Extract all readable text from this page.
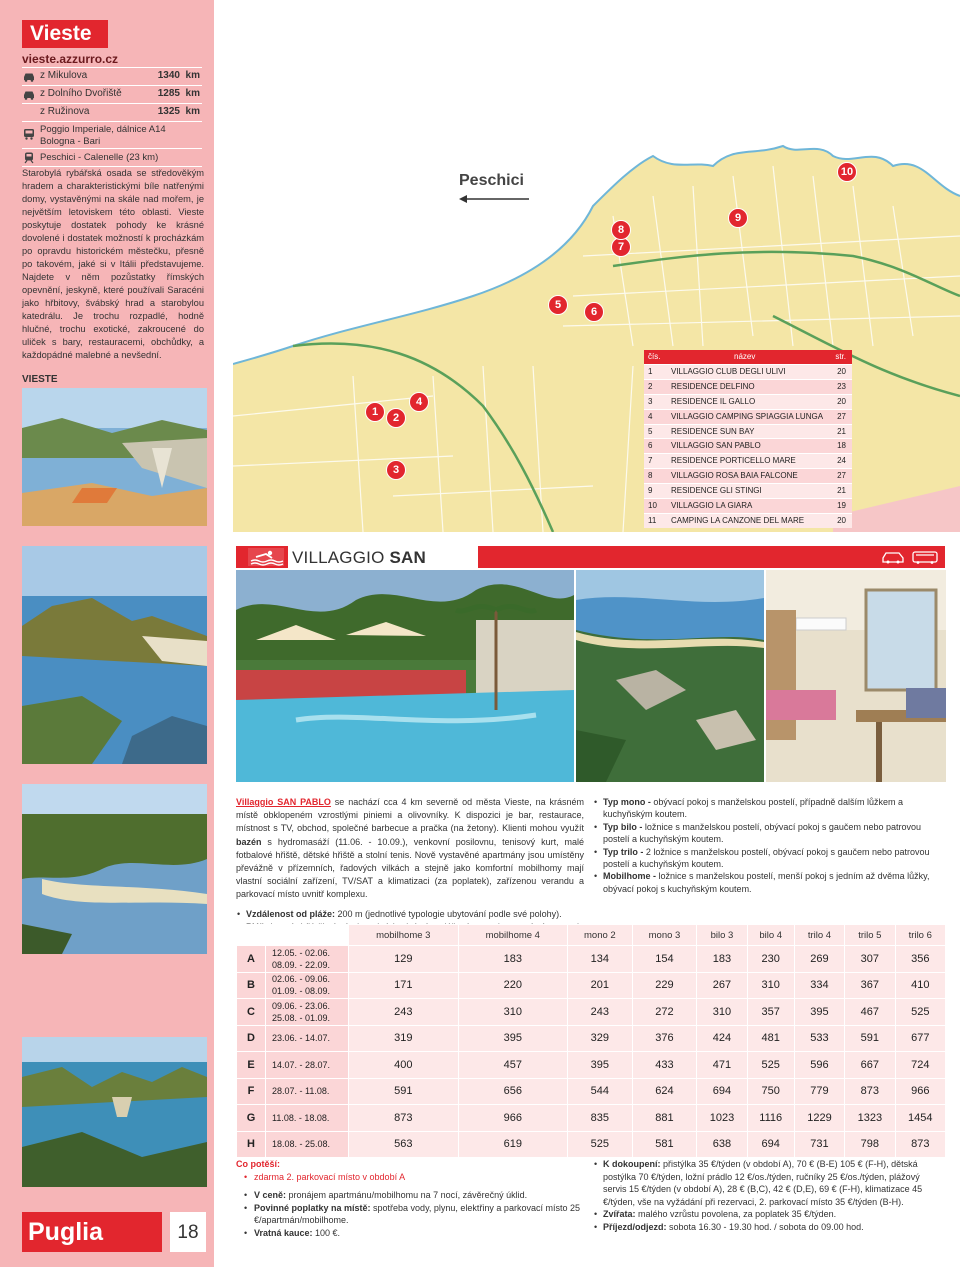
Vieste
vieste.azzurro.cz
z Mikulova	1340 km
z Dolního Dvořiště	1285 km
z Ružinova	1325 km
Poggio Imperiale, dálnice A14 Bologna - Bari
Peschici - Calenelle (23 km)
Starobylá rybářská osada se středověkým hradem a charakteristickými bíle natřenými domy, vystavěnými na skále nad mořem, je největším letoviskem této oblasti. Vieste poskytuje dostatek pohody ke krásné dovolené i dostatek možností k procházkám po opravdu historickém městečku, přesně po takovém, jaké si v Itálii představujeme. Najdete v něm pozůstatky římských opevnění, jeskyně, které používali Saracéni jako hřbitovy, švábský hrad a starobylou katedrálu. Je trochu rozpadlé, hodně hlučné, trochu exotické, zakroucené do uliček s bary, restauracemi, obchůdky, a každopádné malebné a nevšední.
VIESTE
Puglia	18
Peschici
1	2
3
4
5
6
7
8
9
10
čís.	název	str.
1	VILLAGGIO CLUB DEGLI ULIVI	20
2	RESIDENCE DELFINO	23
3	RESIDENCE IL GALLO	20
4	VILLAGGIO CAMPING SPIAGGIA LUNGA 27
5	RESIDENCE SUN BAY	21
6	VILLAGGIO SAN PABLO	18
7	RESIDENCE PORTICELLO MARE	24
8	VILLAGGIO ROSA BAIA FALCONE	27
9	RESIDENCE GLI STINGI	21
10	VILLAGGIO LA GIARA	19
11	CAMPING LA CANZONE DEL MARE	20
VILLAGGIO SAN
Villaggio SAN PABLO se nachází cca 4 km severně od města Vieste, na krásném místě obklopeném vzrostlými piniemi a olivovníky. K dispozici je bar, restaurace, místnost s TV, obchod, společné barbecue a pračka (na žetony). Klienti mohou využít bazén s hydromasáží (11.06. - 10.09.), venkovní posilovnu, tenisový kurt, malé fotbalové hřiště, dětské hřiště a stolní tenis. Nově vystavěné apartmány jsou umístěny převážně v přízemních, řadových vilkách a stejně jako komfortní mobilhomy mají vlastní sociální zařízení, TV/SAT a klimatizaci (za poplatek), zařízenou verandu a parkovací místo uvnitř komplexu.
• Vzdálenost od pláže: 200 m (jednotlivé typologie ubytování podle své polohy).
•
• Typ mono - obývací pokoj s manželskou postelí, případně dalším lůžkem a kuchyňským koutem.
• Typ bilo - ložnice s manželskou postelí, obývací pokoj s gaučem nebo patrovou postelí a kuchyňským koutem.
• Typ trilo - 2 ložnice s manželskou postelí, obývací pokoj s gaučem nebo patrovou postelí a kuchyňským koutem.
• Mobilhome - ložnice s manželskou postelí, menší pokoj s jedním až dvěma lůžky, obývací pokoj s kuchyňským koutem.
		mobilhome 3	mobilhome 4	mono 2	mono 3	bilo 3	bilo 4	trilo 4	trilo 5	trilo 6
A	12.05. - 02.06.
08.09. - 22.09.	129	183	134	154	183	230	269	307	356
B	02.06. - 09.06.
01.09. - 08.09.	171	220	201	229	267	310	334	367	410
C	09.06. - 23.06.
25.08. - 01.09.	243	310	243	272	310	357	395	467	525
D	23.06. - 14.07.	319	395	329	376	424	481	533	591	677
E	14.07. - 28.07.	400	457	395	433	471	525	596	667	724
F	28.07. - 11.08.	591	656	544	624	694	750	779	873	966
G	11.08. - 18.08.	873	966	835	881	1023	1116	1229	1323	1454
H	18.08. - 25.08.	563	619	525	581	638	694	731	798	873
Co potěší:
• zdarma 2. parkovací místo v období A
• V ceně: pronájem apartmánu/mobilhomu na 7 nocí, závěrečný úklid.
• Povinné poplatky na místě: spotřeba vody, plynu, elektřiny a parkovací místo 25 €/apartmán/mobilhome.
• Vratná kauce: 100 €.
• K dokoupení: přistýlka 35 €/týden (v období A), 70 € (B-E) 105 € (F-H), dětská postýlka 70 €/týden, ložní prádlo 12 €/os./týden, ručníky 25 €/os./týden, plážový servis 15 €/týden (v období A), 28 € (B,C), 42 € (D,E), 69 € (F-H), klimatizace 45 €/týden, vše na vyžádání při rezervaci, 2. parkovací místo 35 €/týden (B-H).
• Zvířata: malého vzrůstu povolena, za poplatek 35 €/týden.
• Příjezd/odjezd: sobota 16.30 - 19.30 hod. / sobota do 09.00 hod.
